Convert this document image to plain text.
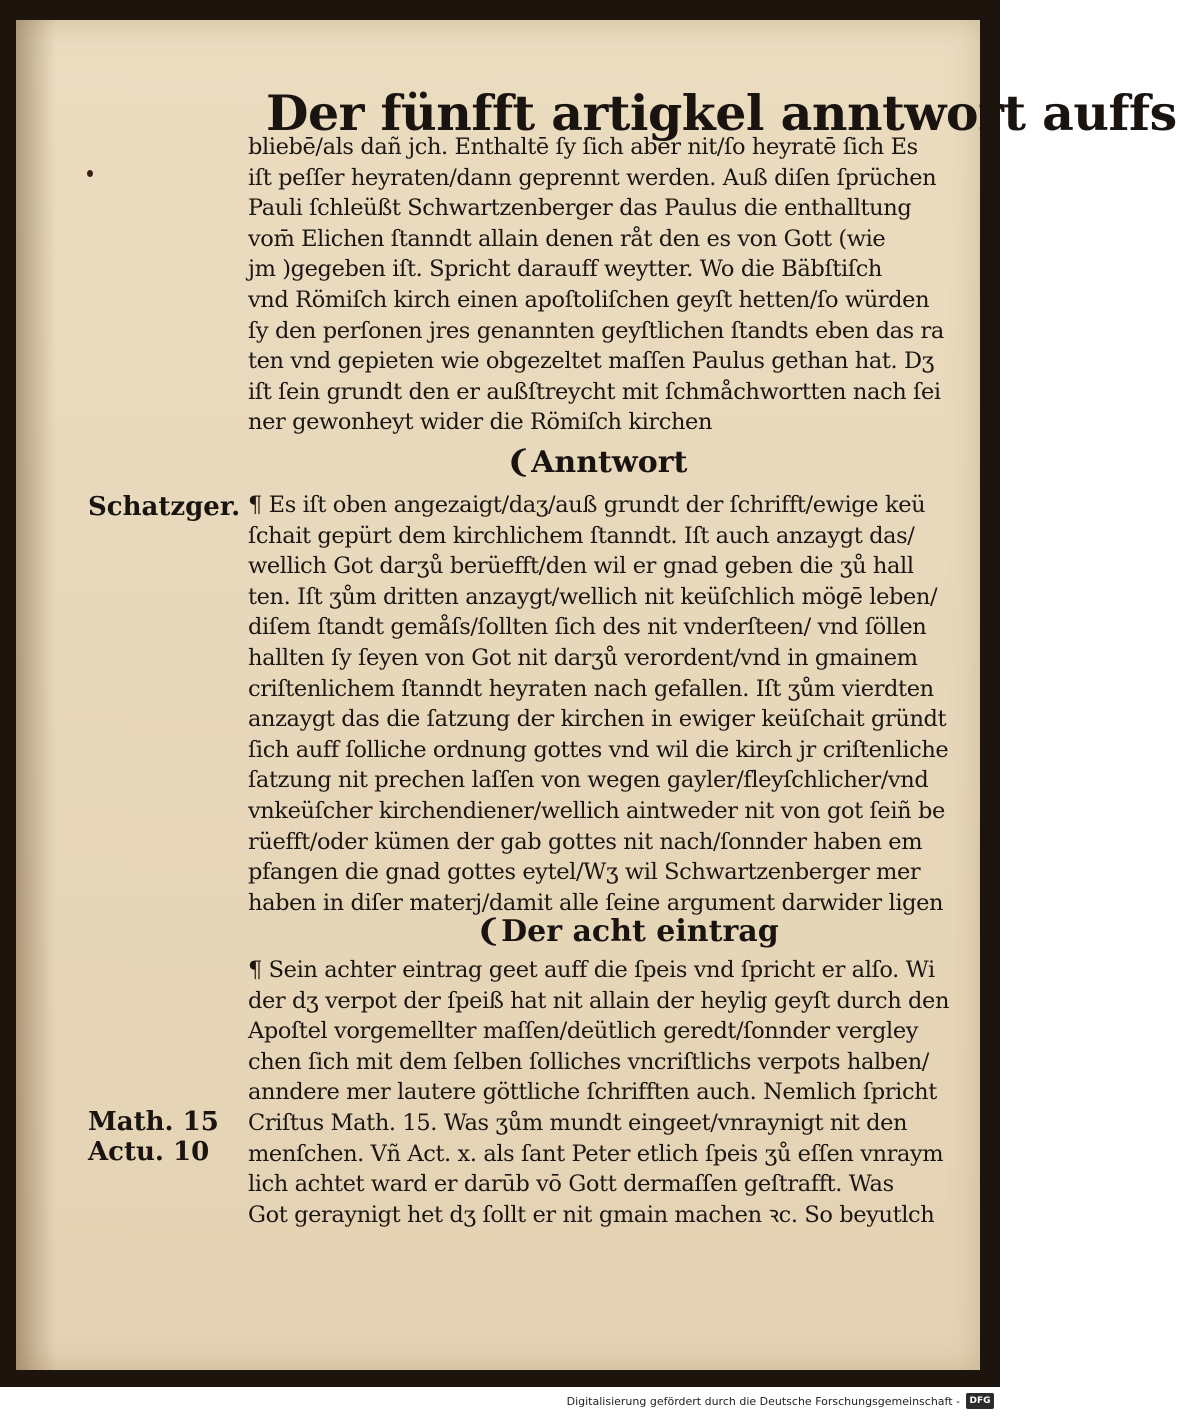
Der fünfft artigkel anntwort auffs
bliebē/als dañ jch. Enthaltē ſy ſich aber nit/ſo heyratē ſich Es
iſt peſſer heyraten/dann geprennt werden. Auß diſen ſprüchen
Pauli ſchleüßt Schwartzenberger das Paulus die enthalltung
vom̄ Elichen ſtanndt allain denen råt den es von Gott (wie
jm )gegeben iſt. Spricht darauff weytter. Wo die Bäbſtiſch
vnd Römiſch kirch einen apoſtoliſchen geyſt hetten/ſo würden
ſy den perſonen jres genannten geyſtlichen ſtandts eben das ra
ten vnd gepieten wie obgezeltet maſſen Paulus gethan hat. Dʒ
iſt ſein grundt den er außſtreycht mit ſchmåchwortten nach ſei
ner gewonheyt wider die Römiſch kirchen
❨Anntwort
Schatzger. ¶ Es iſt oben angezaigt/daʒ/auß grundt der ſchrifft/ewige keü
ſchait gepürt dem kirchlichem ſtanndt. Iſt auch anzaygt das/
wellich Got darʒů berüefft/den wil er gnad geben die ʒů hall
ten. Iſt ʒům dritten anzaygt/wellich nit keüſchlich mögē leben/
diſem ſtandt gemåſs/ſollten ſich des nit vnderſteen/ vnd ſöllen
hallten ſy ſeyen von Got nit darʒů verordent/vnd in gmainem
criſtenlichem ſtanndt heyraten nach gefallen. Iſt ʒům vierdten
anzaygt das die ſatzung der kirchen in ewiger keüſchait gründt
ſich auff ſolliche ordnung gottes vnd wil die kirch jr criſtenliche
ſatzung nit prechen laſſen von wegen gayler/fleyſchlicher/vnd
vnkeüſcher kirchendiener/wellich aintweder nit von got ſeiñ be
rüefft/oder kümen der gab gottes nit nach/ſonnder haben em
pfangen die gnad gottes eytel/Wʒ wil Schwartzenberger mer
haben in diſer materj/damit alle ſeine argument darwider ligen
❨Der acht eintrag
¶ Sein achter eintrag geet auff die ſpeis vnd ſpricht er alſo. Wi
der dʒ verpot der ſpeiß hat nit allain der heylig geyſt durch den
Apoſtel vorgemellter maſſen/deütlich geredt/ſonnder vergley
chen ſich mit dem ſelben ſolliches vncriſtlichs verpots halben/
anndere mer lautere göttliche ſchrifften auch. Nemlich ſpricht
Criſtus Math. 15. Was ʒům mundt eingeet/vnraynigt nit den
menſchen. Vñ Act. x. als ſant Peter etlich ſpeis ʒů eſſen vnraym
lich achtet ward er darūb vō Gott dermaſſen geſtrafft. Was
Got geraynigt het dʒ ſollt er nit gmain machen ꝛc. So beyutlch
Math. 15
Actu. 10
Digitalisierung gefördert durch die Deutsche Forschungsgemeinschaft -	DFG
